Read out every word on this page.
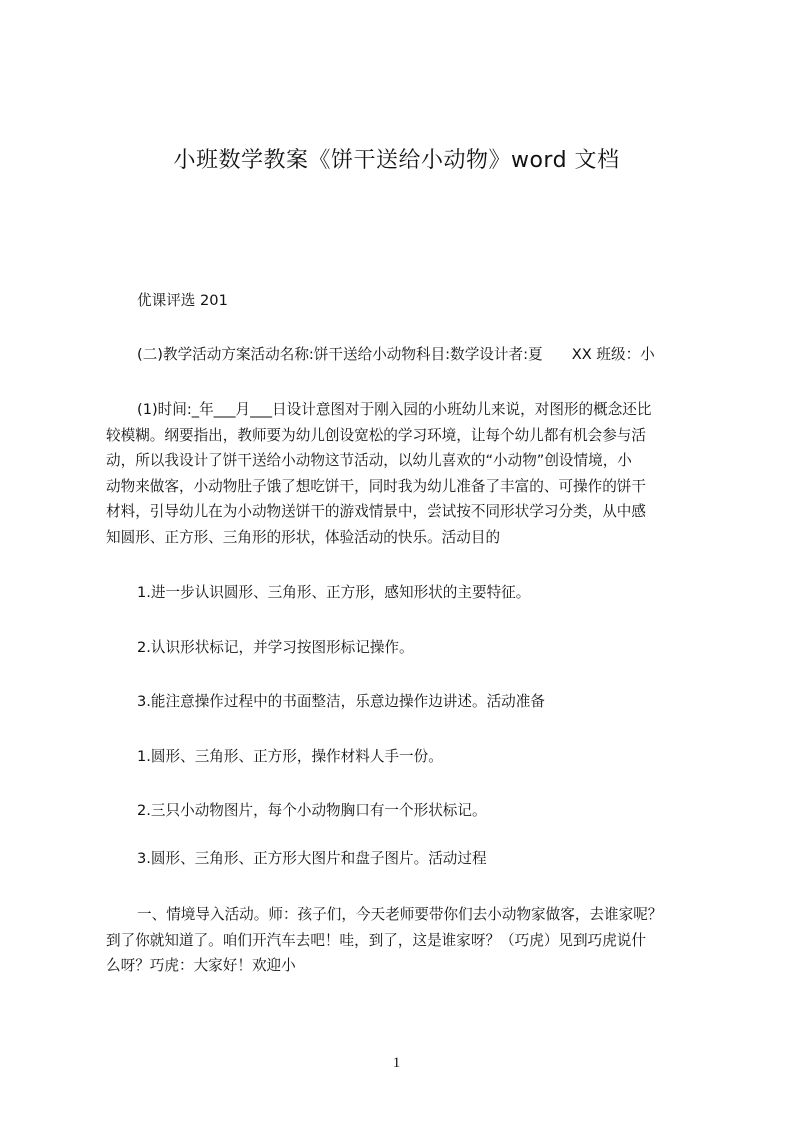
小班数学教案《饼干送给小动物》word 文档
优课评选 201
(二)教学活动方案活动名称:饼干送给小动物科目:数学设计者:夏　　XX 班级：小
(1)时间:_年___月___日设计意图对于刚入园的小班幼儿来说，对图形的概念还比
较模糊。纲要指出，教师要为幼儿创设宽松的学习环境，让每个幼儿都有机会参与活
动，所以我设计了饼干送给小动物这节活动，以幼儿喜欢的“小动物”创设情境，小
动物来做客，小动物肚子饿了想吃饼干，同时我为幼儿准备了丰富的、可操作的饼干
材料，引导幼儿在为小动物送饼干的游戏情景中，尝试按不同形状学习分类，从中感
知圆形、正方形、三角形的形状，体验活动的快乐。活动目的
1.进一步认识圆形、三角形、正方形，感知形状的主要特征。
2.认识形状标记，并学习按图形标记操作。
3.能注意操作过程中的书面整洁，乐意边操作边讲述。活动准备
1.圆形、三角形、正方形，操作材料人手一份。
2.三只小动物图片，每个小动物胸口有一个形状标记。
3.圆形、三角形、正方形大图片和盘子图片。活动过程
一、情境导入活动。师：孩子们，今天老师要带你们去小动物家做客，去谁家呢？
到了你就知道了。咱们开汽车去吧！哇，到了，这是谁家呀？（巧虎）见到巧虎说什
么呀？巧虎：大家好！欢迎小
1
